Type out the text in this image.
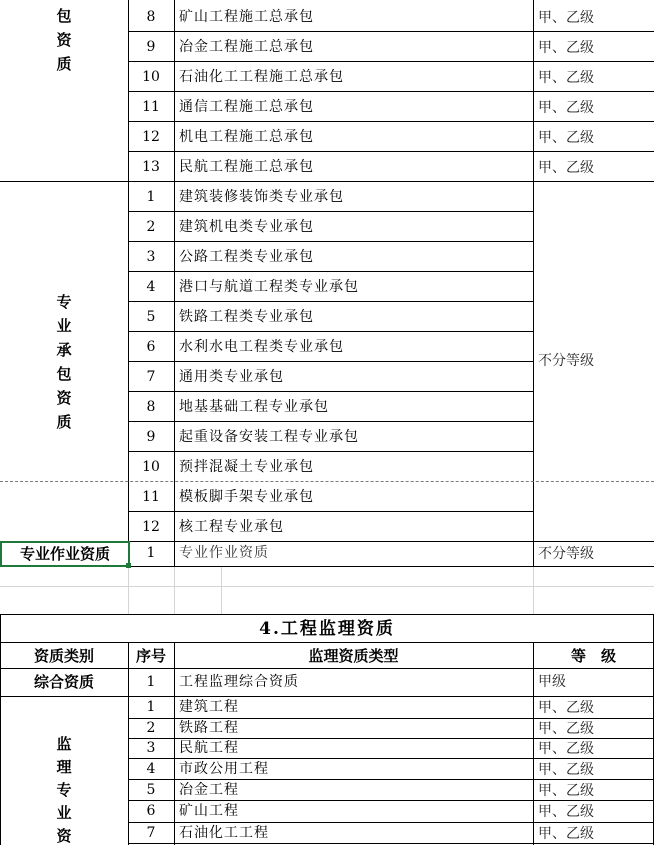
包
资
质
8	矿山工程施工总承包	甲、乙级
9	冶金工程施工总承包	甲、乙级
10	石油化工工程施工总承包	甲、乙级
11	通信工程施工总承包	甲、乙级
12	机电工程施工总承包	甲、乙级
13	民航工程施工总承包	甲、乙级
专
业
承
包
资
质
1	建筑装修装饰类专业承包
2	建筑机电类专业承包
3	公路工程类专业承包
4	港口与航道工程类专业承包
5	铁路工程类专业承包
6	水利水电工程类专业承包
7	通用类专业承包
8	地基基础工程专业承包
9	起重设备安装工程专业承包
10	预拌混凝土专业承包
11	模板脚手架专业承包
12	核工程专业承包
不分等级
专业作业资质	1	专业作业资质	不分等级
4.工程监理资质
资质类别	序号	监理资质类型	等　级
综合资质	1	工程监理综合资质	甲级
监
理
专
业
资
1	建筑工程	甲、乙级
2	铁路工程	甲、乙级
3	民航工程	甲、乙级
4	市政公用工程	甲、乙级
5	冶金工程	甲、乙级
6	矿山工程	甲、乙级
7	石油化工工程	甲、乙级
